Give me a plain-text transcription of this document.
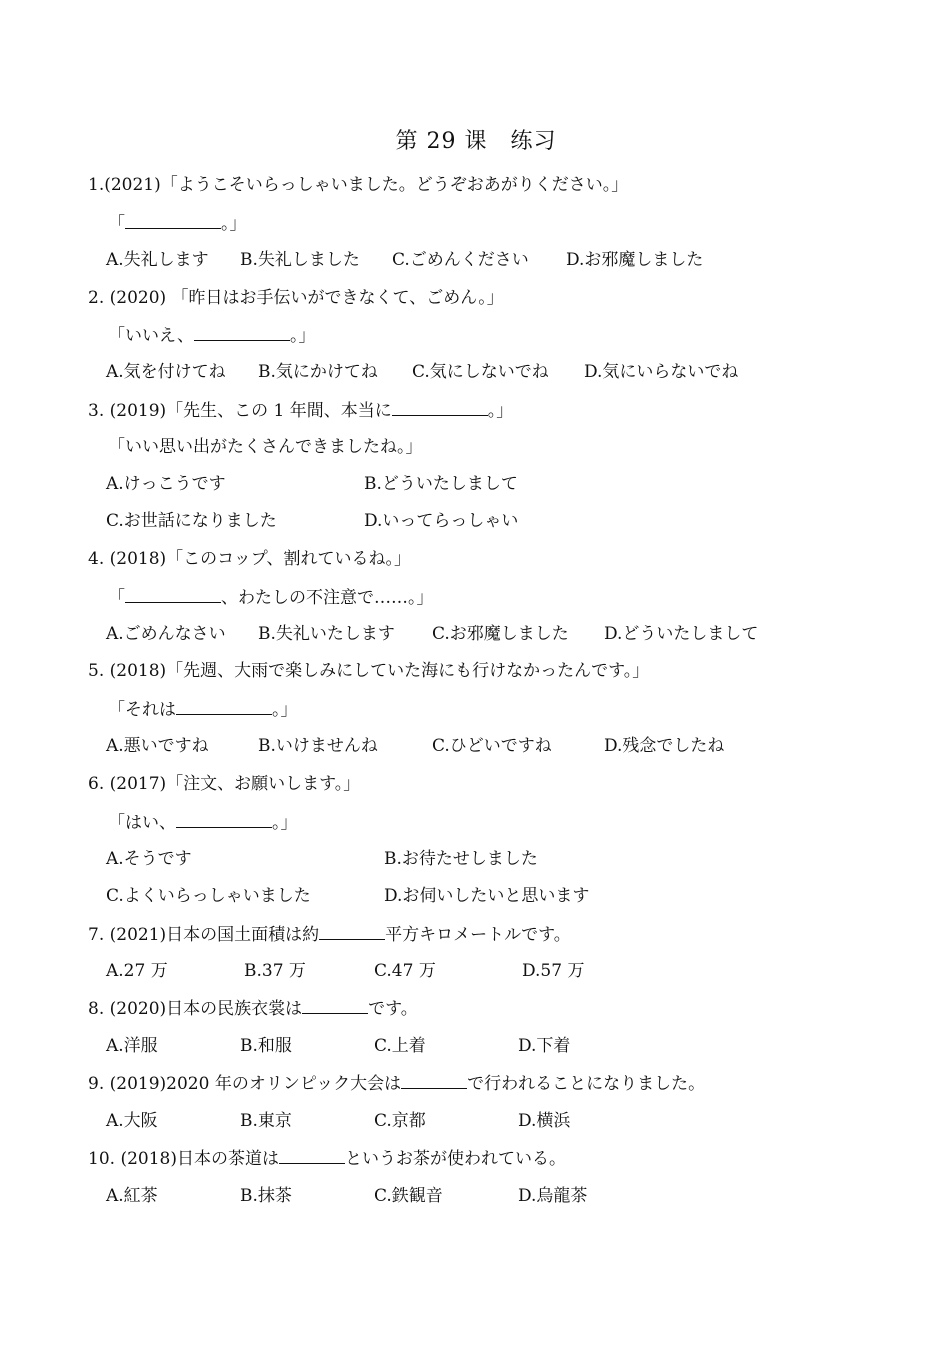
第 29 课　练习
1.(2021)「ようこそいらっしゃいました。どうぞおあがりください。」
「	。」
A.失礼します B.失礼しました C.ごめんください D.お邪魔しました
2. (2020) 「昨日はお手伝いができなくて、ごめん。」
「いいえ、	。」
A.気を付けてね B.気にかけてね C.気にしないでね D.気にいらないでね
3. (2019)「先生、この 1 年間、本当に	。」
「いい思い出がたくさんできましたね。」
A.けっこうです	B.どういたしまして
C.お世話になりました	D.いってらっしゃい
4. (2018)「このコップ、割れているね。」
「	、わたしの不注意で‥‥‥。」
A.ごめんなさい B.失礼いたします C.お邪魔しました D.どういたしまして
5. (2018)「先週、大雨で楽しみにしていた海にも行けなかったんです。」
「それは	。」
A.悪いですね	B.いけませんね	C.ひどいですね	D.残念でしたね
6. (2017)「注文、お願いします。」
「はい、	。」
A.そうです	B.お待たせしました
C.よくいらっしゃいました	D.お伺いしたいと思います
7. (2021)日本の国土面積は約	平方キロメートルです。
A.27 万	B.37 万	C.47 万	D.57 万
8. (2020)日本の民族衣裳は	です。
A.洋服	B.和服	C.上着	D.下着
9. (2019)2020 年のオリンピック大会は	で行われることになりました。
A.大阪	B.東京	C.京都	D.横浜
10. (2018)日本の茶道は	というお茶が使われている。
A.紅茶	B.抹茶	C.鉄観音	D.烏龍茶
